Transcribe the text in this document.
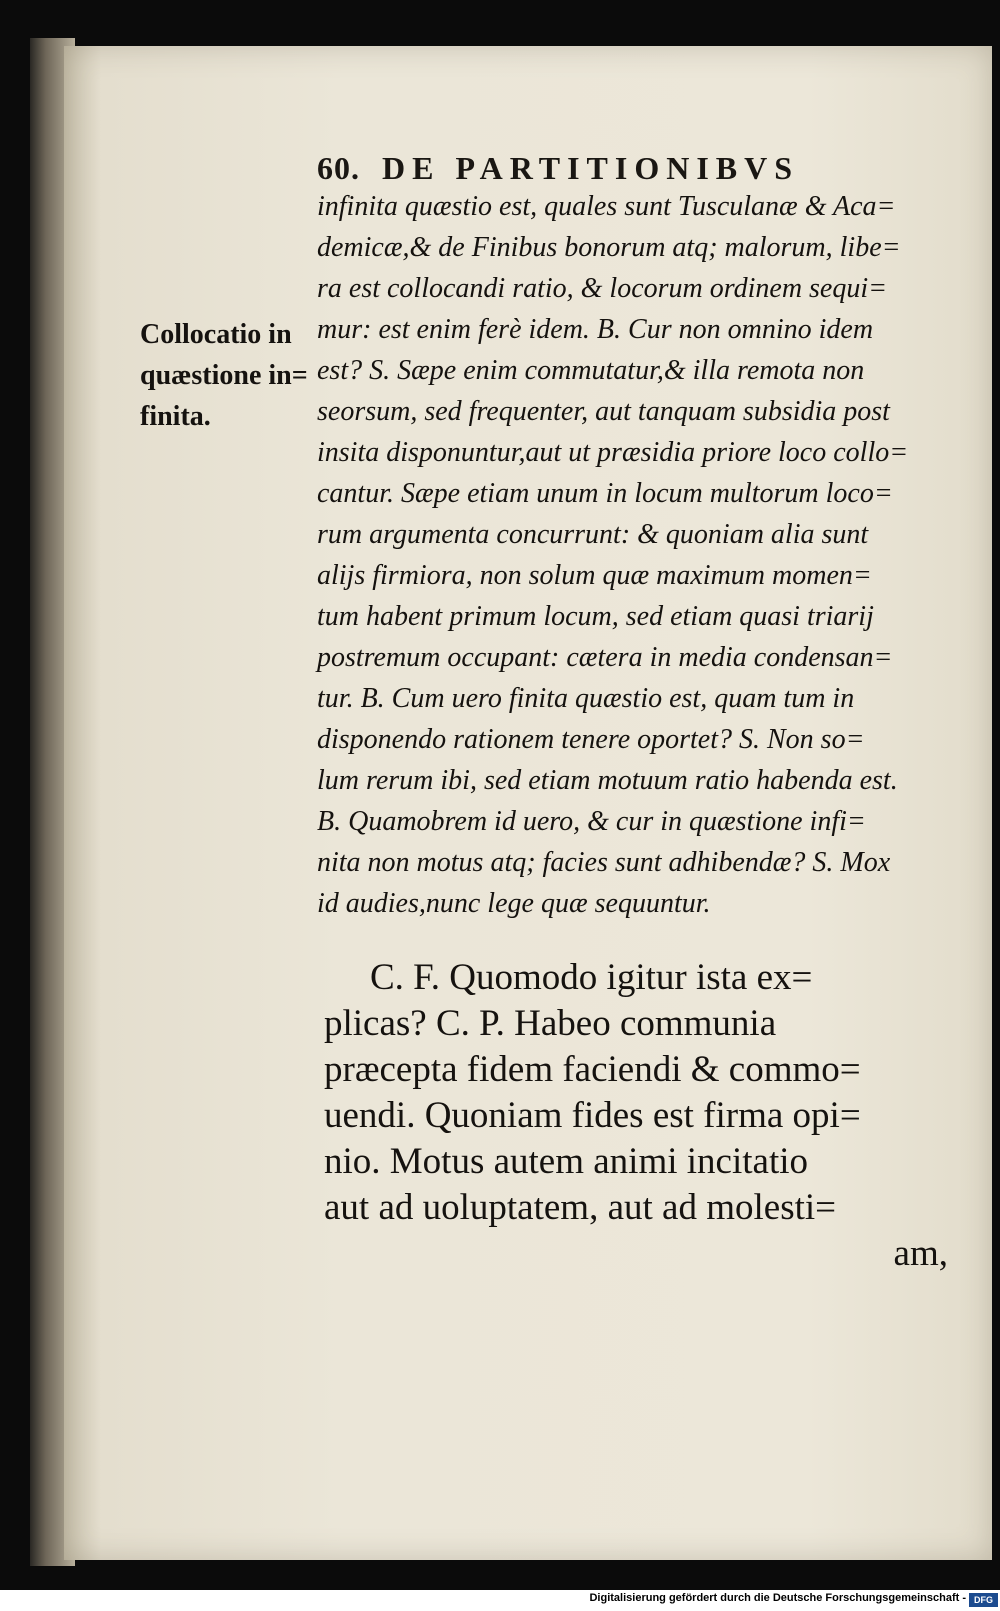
60. DE PARTITIONIBVS
Collocatio in
quæstione in=
finita.
infinita quæstio est, quales sunt Tusculanæ & Aca=
demicæ,& de Finibus bonorum atq; malorum, libe=
ra est collocandi ratio, & locorum ordinem sequi=
mur: est enim ferè idem. B. Cur non omnino idem
est? S. Sæpe enim commutatur,& illa remota non
seorsum, sed frequenter, aut tanquam subsidia post
insita disponuntur,aut ut præsidia priore loco collo=
cantur. Sæpe etiam unum in locum multorum loco=
rum argumenta concurrunt: & quoniam alia sunt
alijs firmiora, non solum quæ maximum momen=
tum habent primum locum, sed etiam quasi triarij
postremum occupant: cætera in media condensan=
tur. B. Cum uero finita quæstio est, quam tum in
disponendo rationem tenere oportet? S. Non so=
lum rerum ibi, sed etiam motuum ratio habenda est.
B. Quamobrem id uero, & cur in quæstione infi=
nita non motus atq; facies sunt adhibendæ? S. Mox
id audies,nunc lege quæ sequuntur.
C. F. Quomodo igitur ista ex=
plicas? C. P. Habeo communia
præcepta fidem faciendi & commo=
uendi. Quoniam fides est firma opi=
nio. Motus autem animi incitatio
aut ad uoluptatem, aut ad molesti=
am,
Digitalisierung gefördert durch die Deutsche Forschungsgemeinschaft - DFG
